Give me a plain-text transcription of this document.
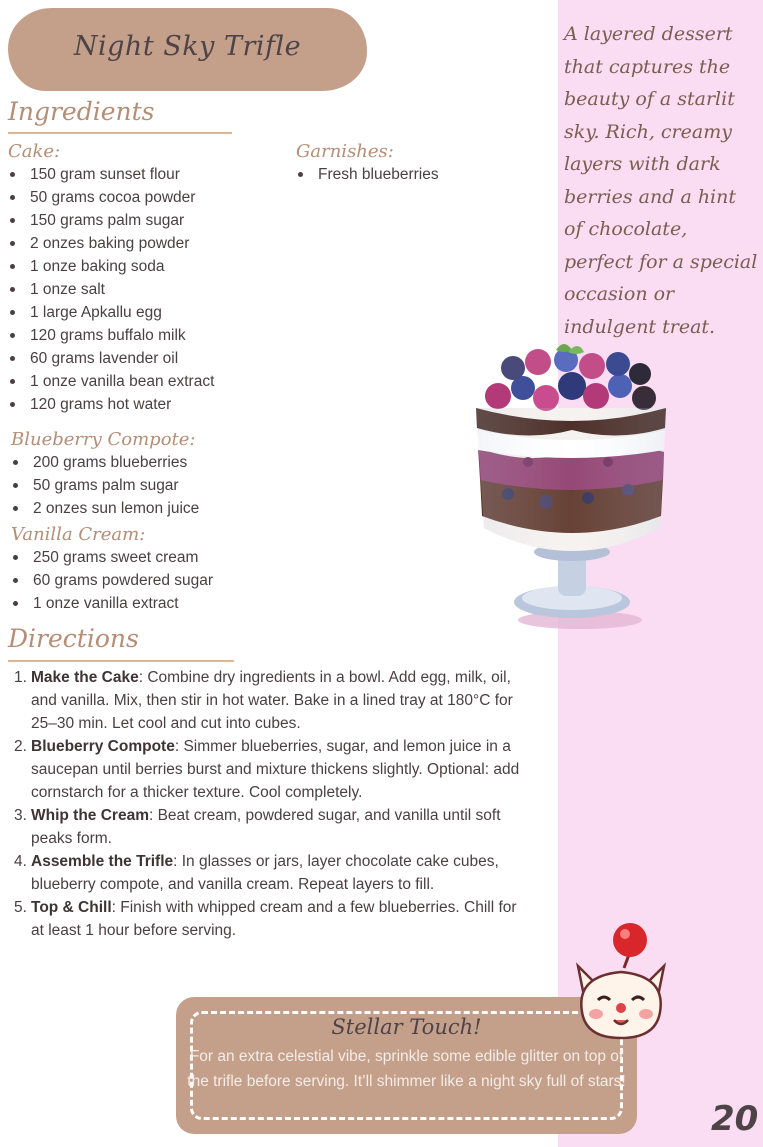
A layered dessert that captures the beauty of a starlit sky. Rich, creamy layers with dark berries and a hint of chocolate, perfect for a special occasion or indulgent treat.
Night Sky Trifle
Ingredients
Cake:
150 gram sunset flour
50 grams cocoa powder
150 grams palm sugar
2 onzes baking powder
1 onze baking soda
1 onze salt
1 large Apkallu egg
120 grams buffalo milk
60 grams lavender oil
1 onze vanilla bean extract
120 grams hot water
Garnishes:
Fresh blueberries
Blueberry Compote:
200 grams blueberries
50 grams palm sugar
2 onzes sun lemon juice
Vanilla Cream:
250 grams sweet cream
60 grams powdered sugar
1 onze vanilla extract
Directions
1. Make the Cake: Combine dry ingredients in a bowl. Add egg, milk, oil, and vanilla. Mix, then stir in hot water. Bake in a lined tray at 180°C for 25–30 min. Let cool and cut into cubes.
2. Blueberry Compote: Simmer blueberries, sugar, and lemon juice in a saucepan until berries burst and mixture thickens slightly. Optional: add cornstarch for a thicker texture. Cool completely.
3. Whip the Cream: Beat cream, powdered sugar, and vanilla until soft peaks form.
4. Assemble the Trifle: In glasses or jars, layer chocolate cake cubes, blueberry compote, and vanilla cream. Repeat layers to fill.
5. Top & Chill: Finish with whipped cream and a few blueberries. Chill for at least 1 hour before serving.
Stellar Touch!
For an extra celestial vibe, sprinkle some edible glitter on top of the trifle before serving. It’ll shimmer like a night sky full of stars!
20
